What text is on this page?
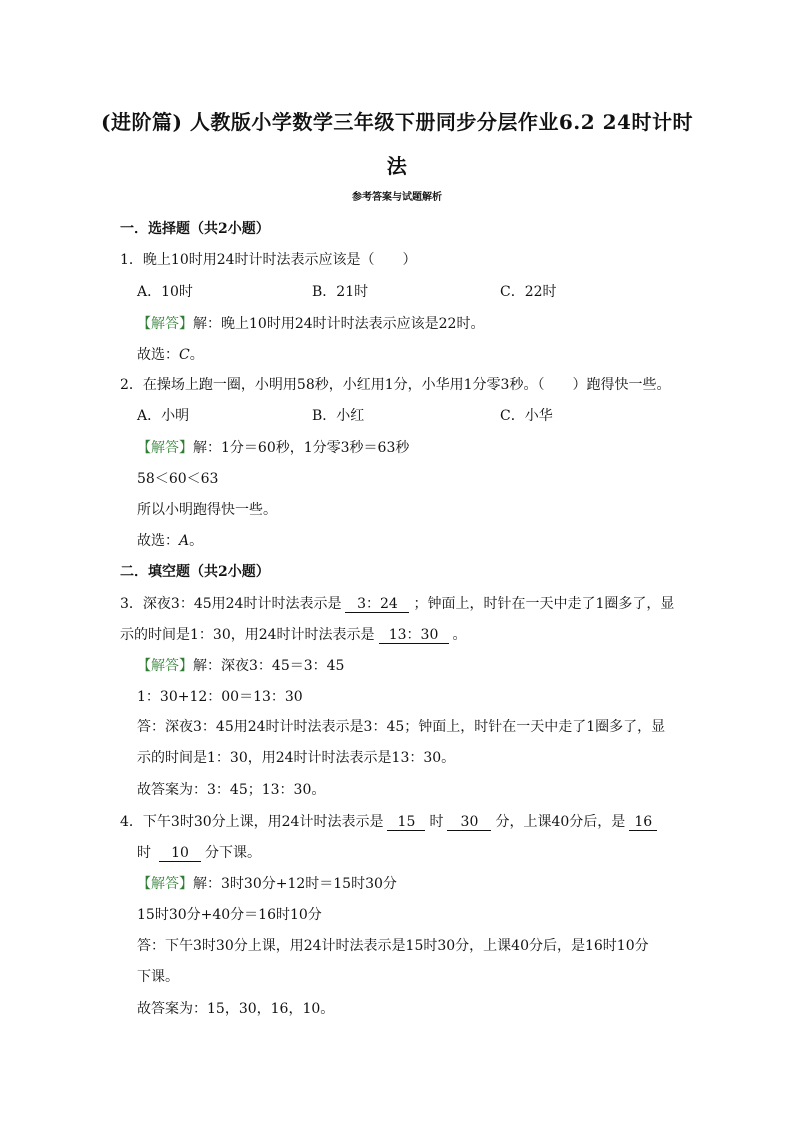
(进阶篇) 人教版小学数学三年级下册同步分层作业6.2 24时计时法
参考答案与试题解析
一．选择题（共2小题）
1．晚上10时用24时计时法表示应该是（　　）
A．10时	B．21时	C．22时
【解答】解：晚上10时用24时计时法表示应该是22时。
故选：C。
2．在操场上跑一圈，小明用58秒，小红用1分，小华用1分零3秒。（　　）跑得快一些。
A．小明	B．小红	C．小华
【解答】解：1分＝60秒，1分零3秒＝63秒
58＜60＜63
所以小明跑得快一些。
故选：A。
二．填空题（共2小题）
3．深夜3：45用24时计时法表示是 3：24 ；钟面上，时针在一天中走了1圈多了，显
示的时间是1：30，用24时计时法表示是 13：30 。
【解答】解：深夜3：45＝3：45
1：30+12：00＝13：30
答：深夜3：45用24时计时法表示是3：45；钟面上，时针在一天中走了1圈多了，显
示的时间是1：30，用24时计时法表示是13：30。
故答案为：3：45；13：30。
4．下午3时30分上课，用24计时法表示是 15 时 30 分，上课40分后，是 16
时 10 分下课。
【解答】解：3时30分+12时＝15时30分
15时30分+40分＝16时10分
答：下午3时30分上课，用24计时法表示是15时30分，上课40分后，是16时10分
下课。
故答案为：15，30，16，10。
